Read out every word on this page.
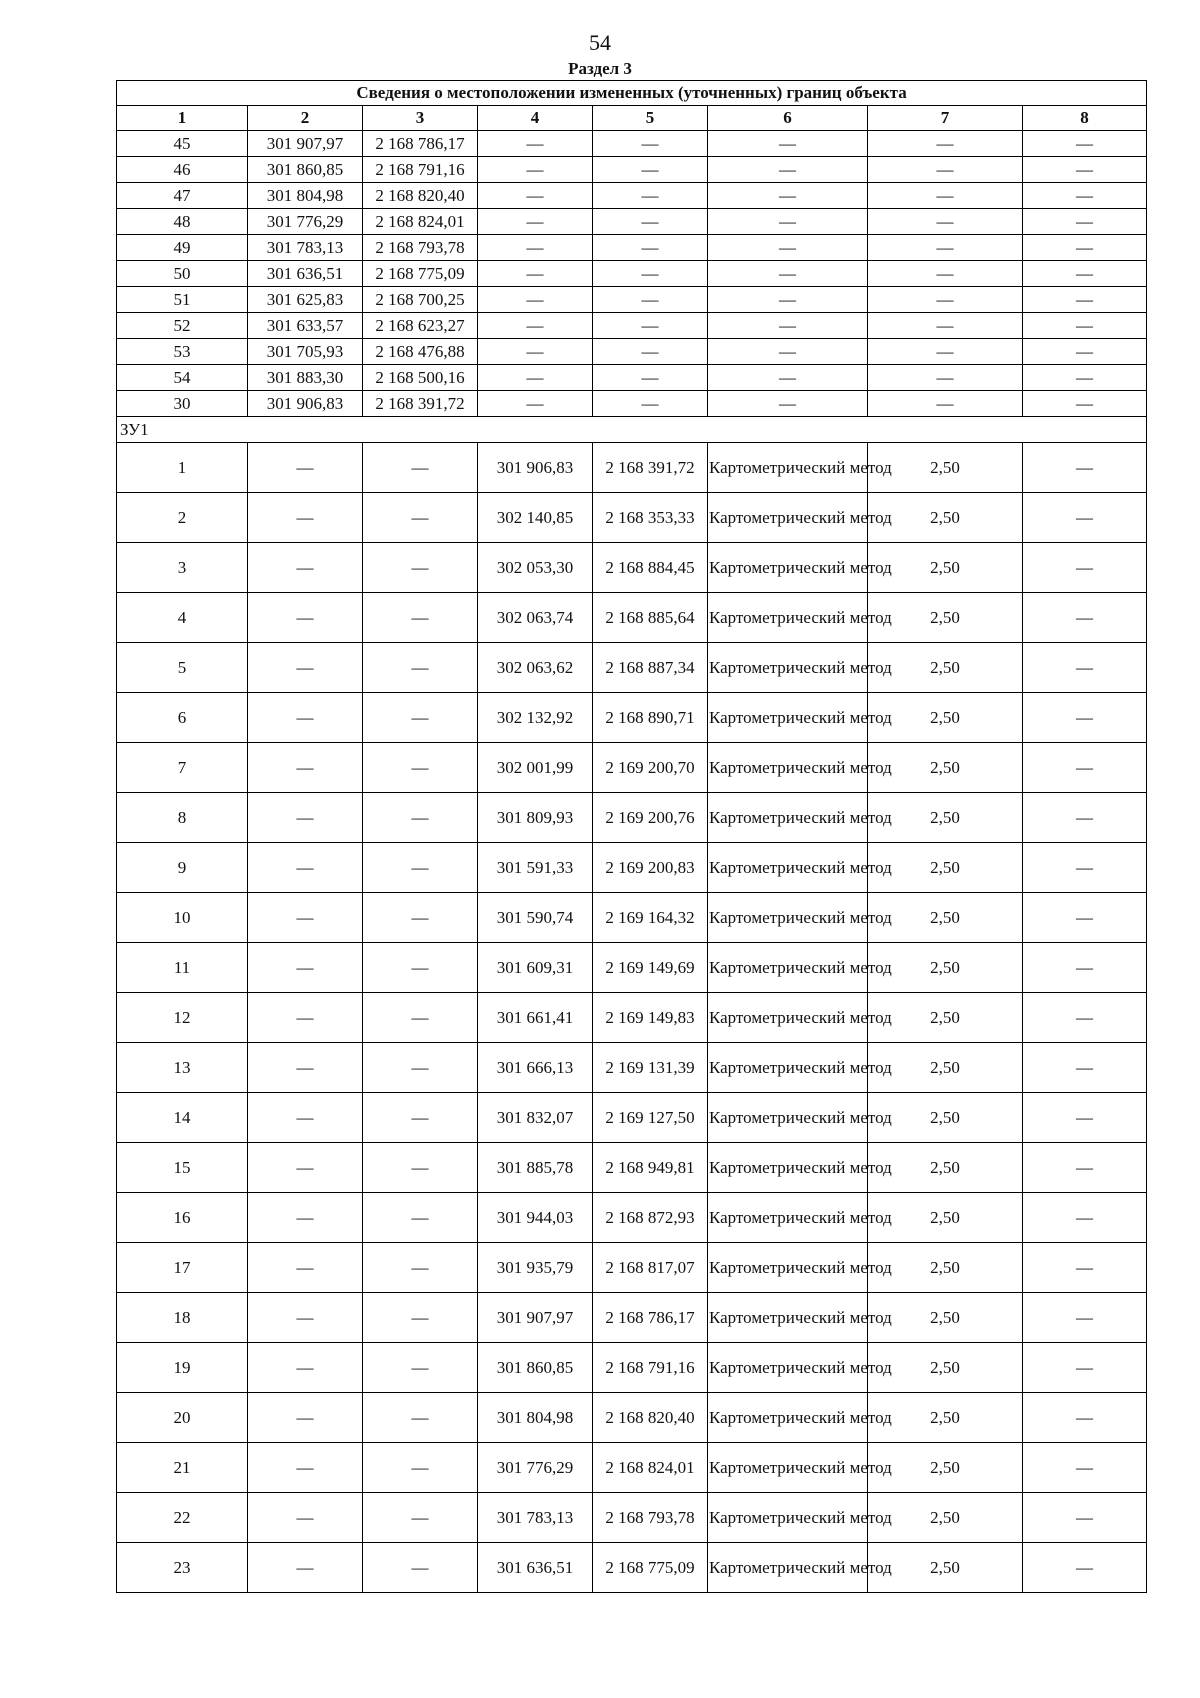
54
Раздел 3
Сведения о местоположении измененных (уточненных) границ объекта							
1	2	3	4	5	6	7	8
45	301 907,97	2 168 786,17	—	—	—	—	—
46	301 860,85	2 168 791,16	—	—	—	—	—
47	301 804,98	2 168 820,40	—	—	—	—	—
48	301 776,29	2 168 824,01	—	—	—	—	—
49	301 783,13	2 168 793,78	—	—	—	—	—
50	301 636,51	2 168 775,09	—	—	—	—	—
51	301 625,83	2 168 700,25	—	—	—	—	—
52	301 633,57	2 168 623,27	—	—	—	—	—
53	301 705,93	2 168 476,88	—	—	—	—	—
54	301 883,30	2 168 500,16	—	—	—	—	—
30	301 906,83	2 168 391,72	—	—	—	—	—
ЗУ1							
1	—	—	301 906,83	2 168 391,72	Картометрический метод	2,50	—
2	—	—	302 140,85	2 168 353,33	Картометрический метод	2,50	—
3	—	—	302 053,30	2 168 884,45	Картометрический метод	2,50	—
4	—	—	302 063,74	2 168 885,64	Картометрический метод	2,50	—
5	—	—	302 063,62	2 168 887,34	Картометрический метод	2,50	—
6	—	—	302 132,92	2 168 890,71	Картометрический метод	2,50	—
7	—	—	302 001,99	2 169 200,70	Картометрический метод	2,50	—
8	—	—	301 809,93	2 169 200,76	Картометрический метод	2,50	—
9	—	—	301 591,33	2 169 200,83	Картометрический метод	2,50	—
10	—	—	301 590,74	2 169 164,32	Картометрический метод	2,50	—
11	—	—	301 609,31	2 169 149,69	Картометрический метод	2,50	—
12	—	—	301 661,41	2 169 149,83	Картометрический метод	2,50	—
13	—	—	301 666,13	2 169 131,39	Картометрический метод	2,50	—
14	—	—	301 832,07	2 169 127,50	Картометрический метод	2,50	—
15	—	—	301 885,78	2 168 949,81	Картометрический метод	2,50	—
16	—	—	301 944,03	2 168 872,93	Картометрический метод	2,50	—
17	—	—	301 935,79	2 168 817,07	Картометрический метод	2,50	—
18	—	—	301 907,97	2 168 786,17	Картометрический метод	2,50	—
19	—	—	301 860,85	2 168 791,16	Картометрический метод	2,50	—
20	—	—	301 804,98	2 168 820,40	Картометрический метод	2,50	—
21	—	—	301 776,29	2 168 824,01	Картометрический метод	2,50	—
22	—	—	301 783,13	2 168 793,78	Картометрический метод	2,50	—
23	—	—	301 636,51	2 168 775,09	Картометрический метод	2,50	—
